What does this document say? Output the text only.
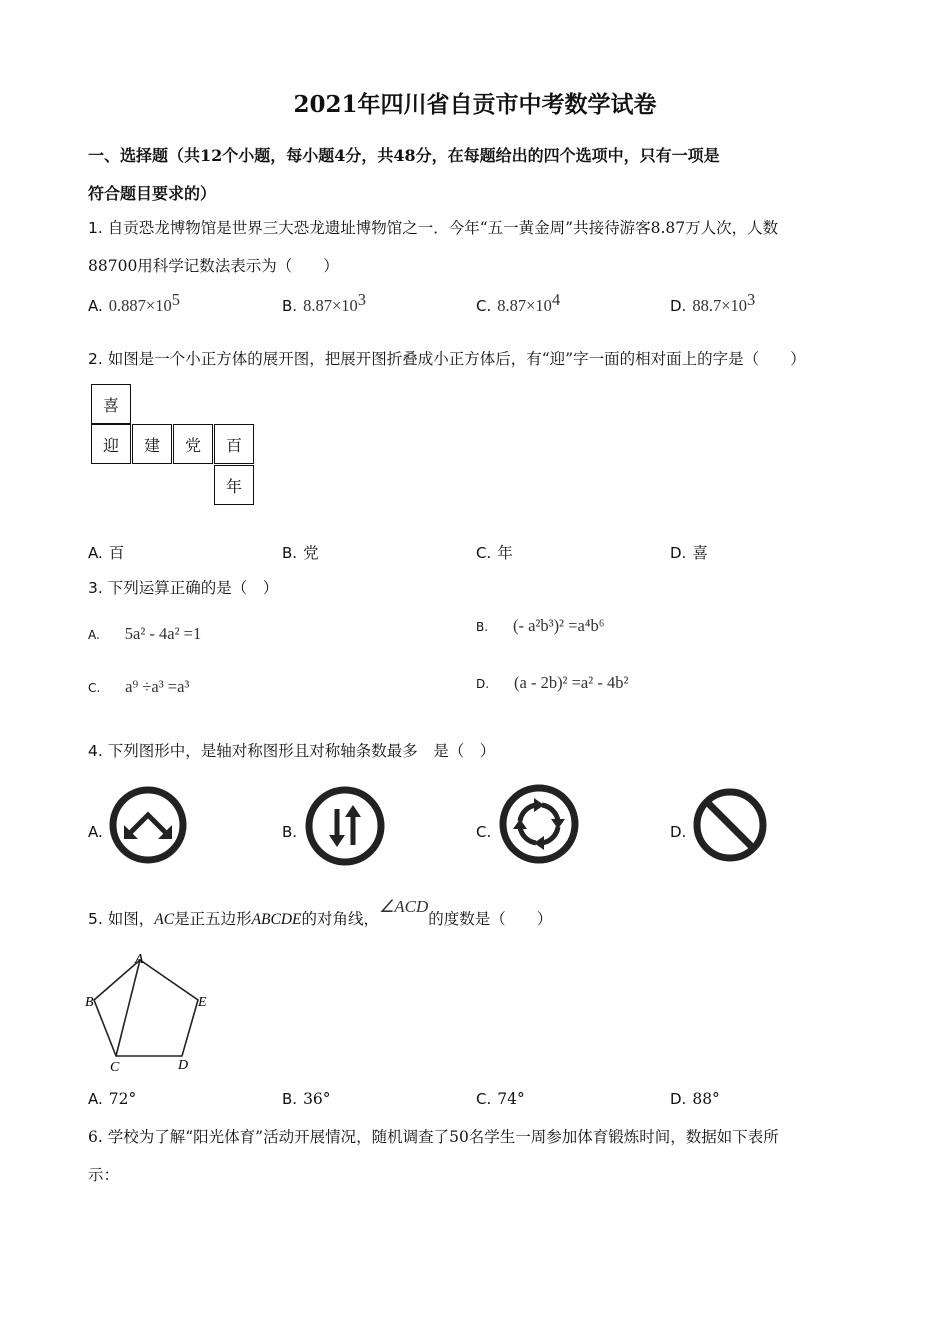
2021年四川省自贡市中考数学试卷
一、选择题（共12个小题，每小题4分，共48分，在每题给出的四个选项中，只有一项是
符合题目要求的）
1. 自贡恐龙博物馆是世界三大恐龙遗址博物馆之一．今年“五一黄金周”共接待游客8.87万人次，人数
88700用科学记数法表示为（　　）
A. $0.887\times 10^5$	B. $8.87\times 10^3$	C. $8.87\times 10^4$	D. $88.7\times 10^3$
2. 如图是一个小正方体的展开图，把展开图折叠成小正方体后，有“迎”字一面的相对面上的字是（　　）
喜
迎	建	党	百
年
A. 百	B. 党	C. 年	D. 喜
3. 下列运算正确的是（　）
A. 5a² - 4a² =1	B. (- a²b³)² =a⁴b⁶
C. a⁹ ÷a³ =a³	D. (a - 2b)² =a² - 4b²
4. 下列图形中，是轴对称图形且对称轴条数最多　是（　）
A.	B.	C.	D.
5. 如图，AC是正五边形ABCDE的对角线，∠ACD的度数是（　　）
A
B
C	D
E
A. 72°	B. 36°	C. 74°	D. 88°
6. 学校为了解“阳光体育”活动开展情况，随机调查了50名学生一周参加体育锻炼时间，数据如下表所
示：
